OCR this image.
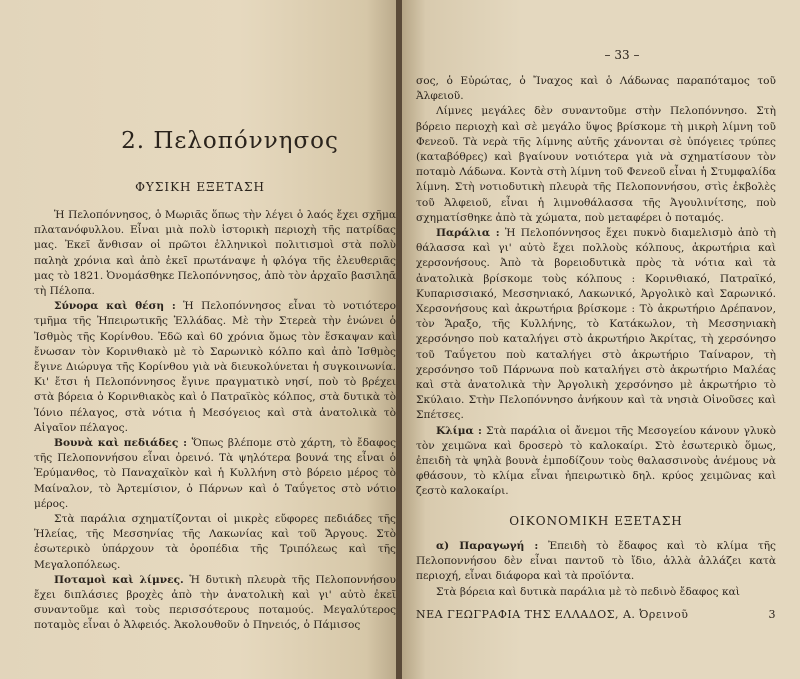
2. Πελοπόννησος
ΦΥΣΙΚΗ ΕΞΕΤΑΣΗ

Ἡ Πελοπόννησος, ὁ Μωριᾶς ὅπως τὴν λέγει ὁ λαός ἔχει σχῆμα πλατανόφυλλου. Εἶναι μιὰ πολὺ ἱστορικὴ περιοχὴ τῆς πατρίδας μας. Ἐκεῖ ἄνθισαν οἱ πρῶτοι ἑλληνικοὶ πολιτισμοὶ στὰ πολὺ παληὰ χρόνια καὶ ἀπὸ ἐκεῖ πρωτάναψε ἡ φλόγα τῆς ἐλευθεριᾶς μας τὸ 1821. Ὀνομάσθηκε Πελοπόννησος, ἀπὸ τὸν ἀρχαῖο βασιληᾶ τὴ Πέλοπα.

Σύνορα καὶ θέση : Ἡ Πελοπόννησος εἶναι τὸ νοτιότερο τμῆμα τῆς Ἠπειρωτικῆς Ἑλλάδας. Μὲ τὴν Στερεὰ τὴν ἑνώνει ὁ Ἰσθμὸς τῆς Κορίνθου. Ἐδῶ καὶ 60 χρόνια ὅμως τὸν ἔσκαψαν καὶ ἔνωσαν τὸν Κορινθιακὸ μὲ τὸ Σαρωνικὸ κόλπο καὶ ἀπὸ Ἰσθμὸς ἔγινε Διώρυγα τῆς Κορίνθου γιὰ νὰ διευκολύνεται ἡ συγκοινωνία. Κι' ἔτσι ἡ Πελοπόννησος ἔγινε πραγματικὸ νησί, ποὺ τὸ βρέχει στὰ βόρεια ὁ Κορινθιακὸς καὶ ὁ Πατραϊκὸς κόλπος, στὰ δυτικὰ τὸ Ἰόνιο πέλαγος, στὰ νότια ἡ Μεσόγειος καὶ στὰ ἀνατολικὰ τὸ Αἰγαῖον πέλαγος.

Βουνὰ καὶ πεδιάδες : Ὅπως βλέπομε στὸ χάρτη, τὸ ἔδαφος τῆς Πελοποννήσου εἶναι ὀρεινό. Τὰ ψηλότερα βουνά της εἶναι ὁ Ἐρύμανθος, τὸ Παναχαϊκὸν καὶ ἡ Κυλλήνη στὸ βόρειο μέρος τὸ Μαίναλον, τὸ Ἀρτεμίσιον, ὁ Πάρνων καὶ ὁ Ταΰγετος στὸ νότιο μέρος.

Στὰ παράλια σχηματίζονται οἱ μικρὲς εὔφορες πεδιάδες τῆς Ἠλείας, τῆς Μεσσηνίας τῆς Λακωνίας καὶ τοῦ Ἄργους. Στὸ ἐσωτερικὸ ὑπάρχουν τὰ ὀροπέδια τῆς Τριπόλεως καὶ τῆς Μεγαλοπόλεως.

Ποταμοὶ καὶ λίμνες. Ἡ δυτικὴ πλευρὰ τῆς Πελοποννήσου ἔχει διπλάσιες βροχὲς ἀπὸ τὴν ἀνατολικὴ καὶ γι' αὐτὸ ἐκεῖ συναντοῦμε καὶ τοὺς περισσότερους ποταμούς. Μεγαλύτερος ποταμὸς εἶναι ὁ Ἀλφειός. Ἀκολουθοῦν ὁ Πηνειός, ὁ Πάμισος

– 33 –

σος, ὁ Εὐρώτας, ὁ Ἴναχος καὶ ὁ Λάδωνας παραπόταμος τοῦ Ἀλφειοῦ.

Λίμνες μεγάλες δὲν συναντοῦμε στὴν Πελοπόννησο. Στὴ βόρειο περιοχὴ καὶ σὲ μεγάλο ὕψος βρίσκομε τὴ μικρὴ λίμνη τοῦ Φενεοῦ. Τὰ νερὰ τῆς λίμνης αὐτῆς χάνονται σὲ ὑπόγειες τρύπες (καταβόθρες) καὶ βγαίνουν νοτιότερα γιὰ νὰ σχηματίσουν τὸν ποταμὸ Λάδωνα. Κοντὰ στὴ λίμνη τοῦ Φενεοῦ εἶναι ἡ Στυμφαλίδα λίμνη. Στὴ νοτιοδυτικὴ πλευρὰ τῆς Πελοποννήσου, στὶς ἐκβολὲς τοῦ Ἀλφειοῦ, εἶναι ἡ λιμνοθάλασσα τῆς Ἀγουλινίτσης, ποὺ σχηματίσθηκε ἀπὸ τὰ χώματα, ποὺ μεταφέρει ὁ ποταμός.

Παράλια : Ἡ Πελοπόννησος ἔχει πυκνὸ διαμελισμὸ ἀπὸ τὴ θάλασσα καὶ γι' αὐτὸ ἔχει πολλοὺς κόλπους, ἀκρωτήρια καὶ χερσονήσους. Ἀπὸ τὰ βορειοδυτικὰ πρὸς τὰ νότια καὶ τὰ ἀνατολικὰ βρίσκομε τοὺς κόλπους : Κορινθιακό, Πατραϊκό, Κυπαρισσιακό, Μεσσηνιακό, Λακωνικό, Ἀργολικὸ καὶ Σαρωνικό. Χερσονήσους καὶ ἀκρωτήρια βρίσκομε : Τὸ ἀκρωτήριο Δρέπανον, τὸν Ἄραξο, τῆς Κυλλήνης, τὸ Κατάκωλον, τὴ Μεσσηνιακὴ χερσόνησο ποὺ καταλήγει στὸ ἀκρωτήριο Ἀκρίτας, τὴ χερσόνησο τοῦ Ταΰγετου ποὺ καταλήγει στὸ ἀκρωτήριο Ταίναρον, τὴ χερσόνησο τοῦ Πάρνωνα ποὺ καταλήγει στὸ ἀκρωτήριο Μαλέας καὶ στὰ ἀνατολικὰ τὴν Ἀργολικὴ χερσόνησο μὲ ἀκρωτήριο τὸ Σκύλαιο. Στὴν Πελοπόννησο ἀνήκουν καὶ τὰ νησιὰ Οἰνοῦσες καὶ Σπέτσες.

Κλίμα : Στὰ παράλια οἱ ἄνεμοι τῆς Μεσογείου κάνουν γλυκὸ τὸν χειμῶνα καὶ δροσερὸ τὸ καλοκαίρι. Στὸ ἐσωτερικὸ ὅμως, ἐπειδὴ τὰ ψηλὰ βουνὰ ἐμποδίζουν τοὺς θαλασσινοὺς ἀνέμους νὰ φθάσουν, τὸ κλίμα εἶναι ἠπειρωτικὸ δηλ. κρύος χειμῶνας καὶ ζεστὸ καλοκαίρι.

ΟΙΚΟΝΟΜΙΚΗ ΕΞΕΤΑΣΗ

α) Παραγωγή : Ἐπειδὴ τὸ ἔδαφος καὶ τὸ κλίμα τῆς Πελοποννήσου δὲν εἶναι παντοῦ τὸ ἴδιο, ἀλλὰ ἀλλάζει κατὰ περιοχή, εἶναι διάφορα καὶ τὰ προϊόντα.

Στὰ βόρεια καὶ δυτικὰ παράλια μὲ τὸ πεδινὸ ἔδαφος καὶ

ΝΕΑ ΓΕΩΓΡΑΦΙΑ ΤΗΣ ΕΛΛΑΔΟΣ, Α. Ὀρεινοῦ	3
